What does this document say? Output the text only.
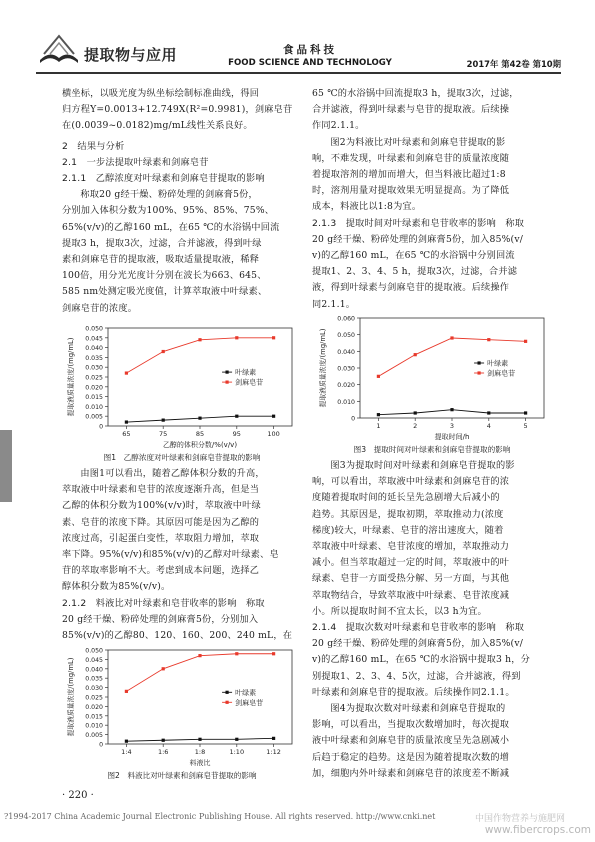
提取物与应用	食品科技
FOOD SCIENCE AND TECHNOLOGY	2017年 第42卷 第10期

横坐标，以吸光度为纵坐标绘制标准曲线，得回

归方程Y=0.0013+12.749X(R²=0.9981)，剑麻皂苷

在(0.0039~0.0182)mg/mL线性关系良好。

2　结果与分析

2.1　一步法提取叶绿素和剑麻皂苷

2.1.1　乙醇浓度对叶绿素和剑麻皂苷提取的影响

称取20 g经干燥、粉碎处理的剑麻膏5份，

分别加入体积分数为100%、95%、85%、75%、

65%(v/v)的乙醇160 mL，在65 ℃的水浴锅中回流

提取3 h，提取3次，过滤，合并滤液，得到叶绿

素和剑麻皂苷的提取液，吸取适量提取液，稀释

100倍，用分光光度计分别在波长为663、645、

585 nm处测定吸光度值，计算萃取液中叶绿素、

剑麻皂苷的浓度。

0
0.005
0.010
0.015
0.020
0.025
0.030
0.035
0.040
0.045
0.050
65	75	85	95	100
乙醇的体积分数/%(v/v)
提取液质量浓度/(mg/mL)	叶绿素
剑麻皂苷
图1　乙醇浓度对叶绿素和剑麻皂苷提取的影响

由图1可以看出，随着乙醇体积分数的升高，

萃取液中叶绿素和皂苷的浓度逐渐升高，但是当

乙醇的体积分数为100%(v/v)时，萃取液中叶绿

素、皂苷的浓度下降。其原因可能是因为乙醇的

浓度过高，引起蛋白变性，萃取阻力增加，萃取

率下降。95%(v/v)和85%(v/v)的乙醇对叶绿素、皂

苷的萃取率影响不大。考虑到成本问题，选择乙

醇体积分数为85%(v/v)。

2.1.2　料液比对叶绿素和皂苷收率的影响　称取

20 g经干燥、粉碎处理的剑麻膏5份，分别加入

85%(v/v)的乙醇80、120、160、200、240 mL，在

0
0.005
0.010
0.015
0.020
0.025
0.030
0.035
0.040
0.045
0.050
1:4	1:6	1:8	1:10	1:12
料液比
提取液质量浓度/(mg/mL)	叶绿素
剑麻皂苷
图2　料液比对叶绿素和剑麻皂苷提取的影响
· 220 ·

65 ℃的水浴锅中回流提取3 h，提取3次，过滤，

合并滤液，得到叶绿素与皂苷的提取液。后续操

作同2.1.1。

图2为料液比对叶绿素和剑麻皂苷提取的影

响，不难发现，叶绿素和剑麻皂苷的质量浓度随

着提取溶剂的增加而增大，但当料液比超过1:8

时，溶剂用量对提取效果无明显提高。为了降低

成本，料液比以1:8为宜。

2.1.3　提取时间对叶绿素和皂苷收率的影响　称取

20 g经干燥、粉碎处理的剑麻膏5份，加入85%(v/

v)的乙醇160 mL，在65 ℃的水浴锅中分别回流

提取1、2、3、4、5 h，提取3次，过滤，合并滤

液，得到叶绿素与剑麻皂苷的提取液。后续操作

同2.1.1。

0
0.010
0.020
0.030
0.040
0.050
0.060
1	2	3	4	5
提取时间/h
提取液质量浓度/(mg/mL)	叶绿素
剑麻皂苷
图3　提取时间对叶绿素和剑麻皂苷提取的影响

图3为提取时间对叶绿素和剑麻皂苷提取的影

响，可以看出，萃取液中叶绿素和剑麻皂苷的浓

度随着提取时间的延长呈先急剧增大后减小的

趋势。其原因是，提取初期，萃取推动力(浓度

梯度)较大，叶绿素、皂苷的溶出速度大，随着

萃取液中叶绿素、皂苷浓度的增加，萃取推动力

减小。但当萃取超过一定的时间，萃取液中的叶

绿素、皂苷一方面受热分解、另一方面，与其他

萃取物结合，导致萃取液中叶绿素、皂苷浓度减

小。所以提取时间不宜太长，以3 h为宜。

2.1.4　提取次数对叶绿素和皂苷收率的影响　称取

20 g经干燥、粉碎处理的剑麻膏5份，加入85%(v/

v)的乙醇160 mL，在65 ℃的水浴锅中提取3 h，分

别提取1、2、3、4、5次，过滤，合并滤液，得到

叶绿素和剑麻皂苷的提取液。后续操作同2.1.1。

图4为提取次数对叶绿素和剑麻皂苷提取的

影响，可以看出，当提取次数增加时，每次提取

液中叶绿素和剑麻皂苷的质量浓度呈先急剧减小

后趋于稳定的趋势。这是因为随着提取次数的增

加，细胞内外叶绿素和剑麻皂苷的浓度差不断减

中国作物营养与施肥网
?1994-2017 China Academic Journal Electronic Publishing House. All rights reserved. http://www.cnki.net
www.fibercrops.com
